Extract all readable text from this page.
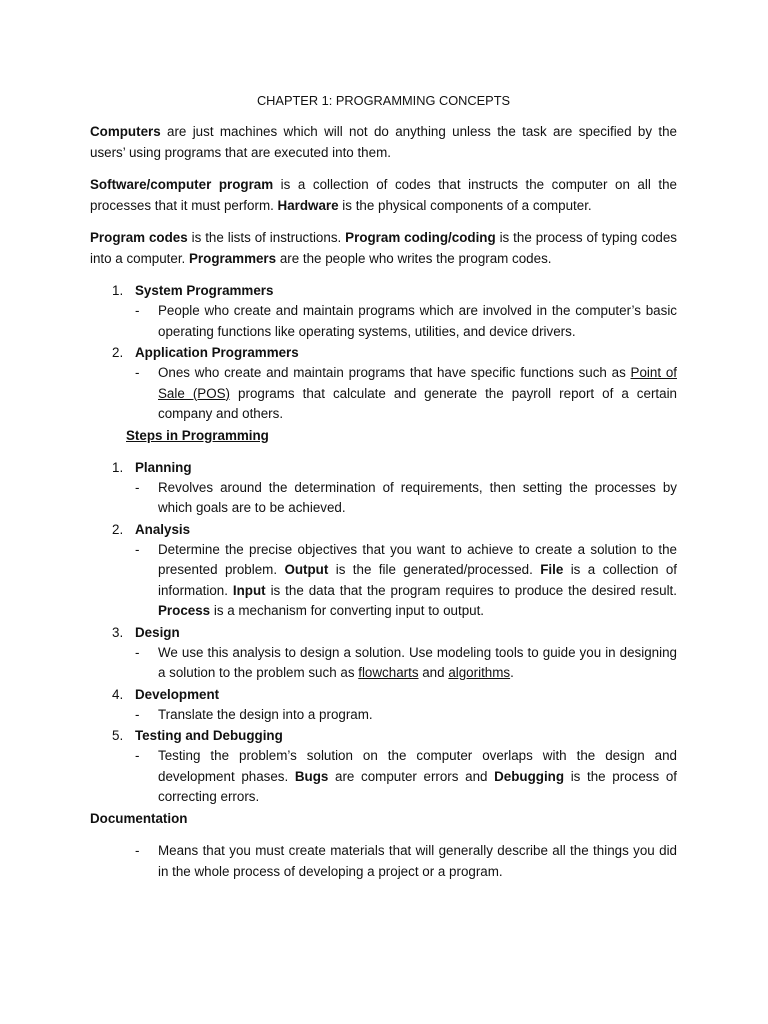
CHAPTER 1: PROGRAMMING CONCEPTS

Computers are just machines which will not do anything unless the task are specified by the users’ using programs that are executed into them.

Software/computer program is a collection of codes that instructs the computer on all the processes that it must perform. Hardware is the physical components of a computer.

Program codes is the lists of instructions. Program coding/coding is the process of typing codes into a computer. Programmers are the people who writes the program codes.

1. System Programmers
- People who create and maintain programs which are involved in the computer’s basic operating functions like operating systems, utilities, and device drivers.
2. Application Programmers
- Ones who create and maintain programs that have specific functions such as Point of Sale (POS) programs that calculate and generate the payroll report of a certain company and others.
Steps in Programming
1. Planning
- Revolves around the determination of requirements, then setting the processes by which goals are to be achieved.
2. Analysis
- Determine the precise objectives that you want to achieve to create a solution to the presented problem. Output is the file generated/processed. File is a collection of information. Input is the data that the program requires to produce the desired result. Process is a mechanism for converting input to output.
3. Design
- We use this analysis to design a solution. Use modeling tools to guide you in designing a solution to the problem such as flowcharts and algorithms.
4. Development
- Translate the design into a program.
5. Testing and Debugging
- Testing the problem’s solution on the computer overlaps with the design and development phases. Bugs are computer errors and Debugging is the process of correcting errors.
Documentation
- Means that you must create materials that will generally describe all the things you did in the whole process of developing a project or a program.
